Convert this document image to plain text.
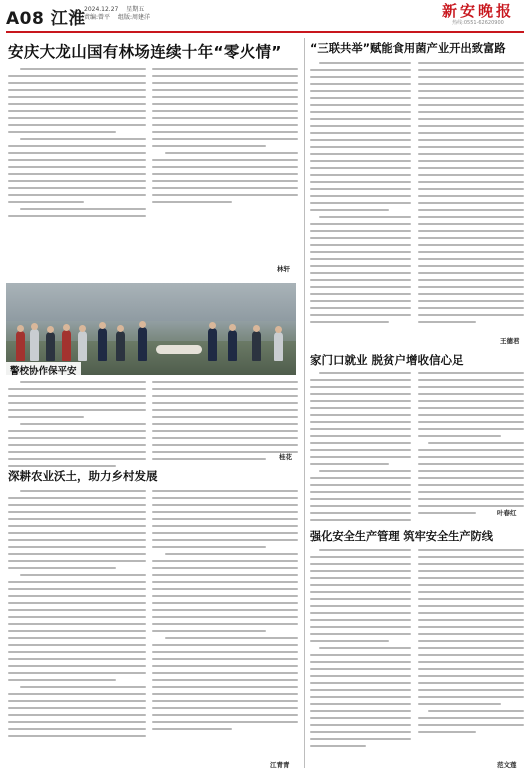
A08 江淮
2024.12.27 星期五
责编:曾平 组版:周建洋	新安晚报
热线:0551-62620900
安庆大龙山国有林场连续十年“零火情”
林轩
警校协作保平安
桂花
深耕农业沃土，助力乡村发展
江青青
“三联共举”赋能食用菌产业开出致富路
王德君
家门口就业 脱贫户增收信心足
叶春红
强化安全生产管理 筑牢安全生产防线
范文莲
